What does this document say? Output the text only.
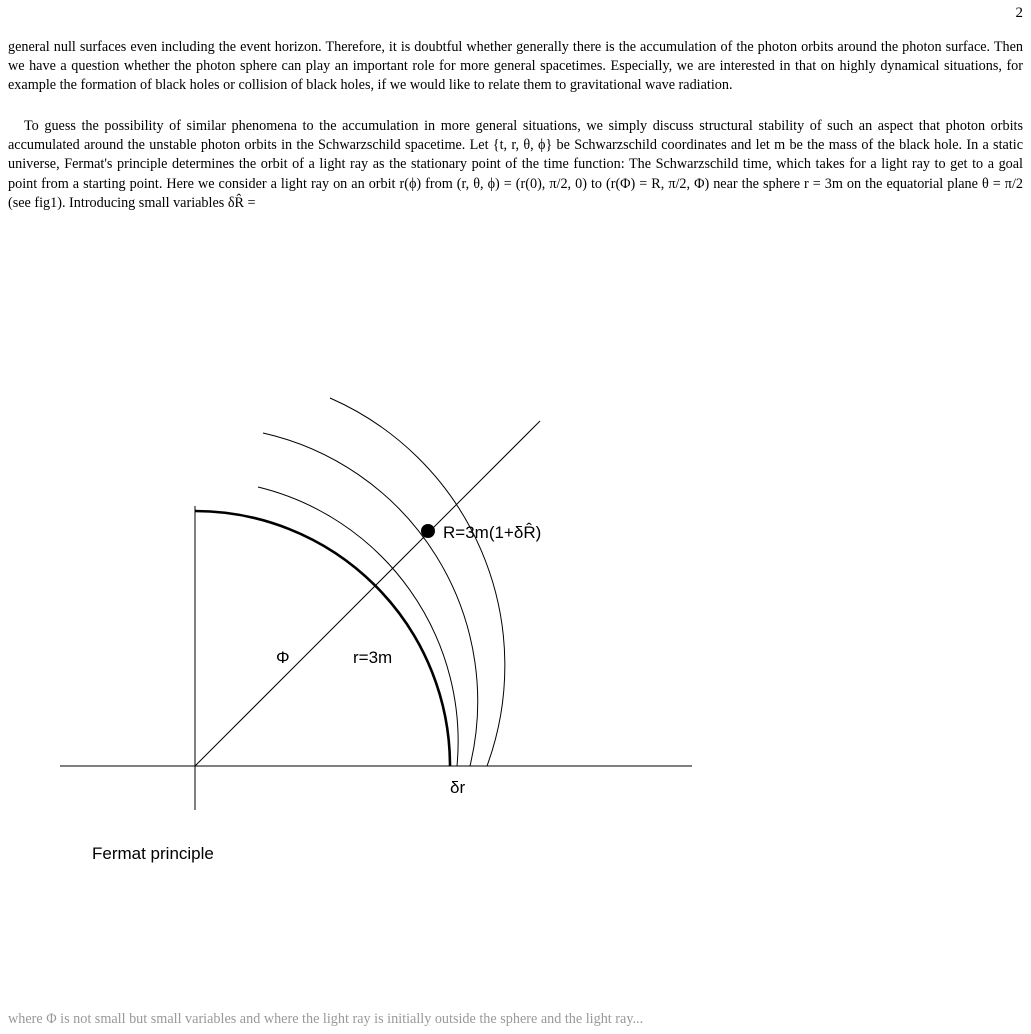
2

general null surfaces even including the event horizon. Therefore, it is doubtful whether generally there is the accumulation of the photon orbits around the photon surface. Then we have a question whether the photon sphere can play an important role for more general spacetimes. Especially, we are interested in that on highly dynamical situations, for example the formation of black holes or collision of black holes, if we would like to relate them to gravitational wave radiation.

To guess the possibility of similar phenomena to the accumulation in more general situations, we simply discuss structural stability of such an aspect that photon orbits accumulated around the unstable photon orbits in the Schwarzschild spacetime. Let {t, r, θ, ϕ} be Schwarzschild coordinates and let m be the mass of the black hole. In a static universe, Fermat's principle determines the orbit of a light ray as the stationary point of the time function: The Schwarzschild time, which takes for a light ray to get to a goal point from a starting point. Here we consider a light ray on an orbit r(ϕ) from (r, θ, ϕ) = (r(0), π/2, 0) to (r(Φ) = R, π/2, Φ) near the sphere r = 3m on the equatorial plane θ = π/2 (see fig1). Introducing small variables δR̂ =

R=3m(1+δR̂)
Φ	r=3m
δr
Fermat principle
where Φ is not small but small variables and where the light ray is initially outside the sphere and the light ray...
